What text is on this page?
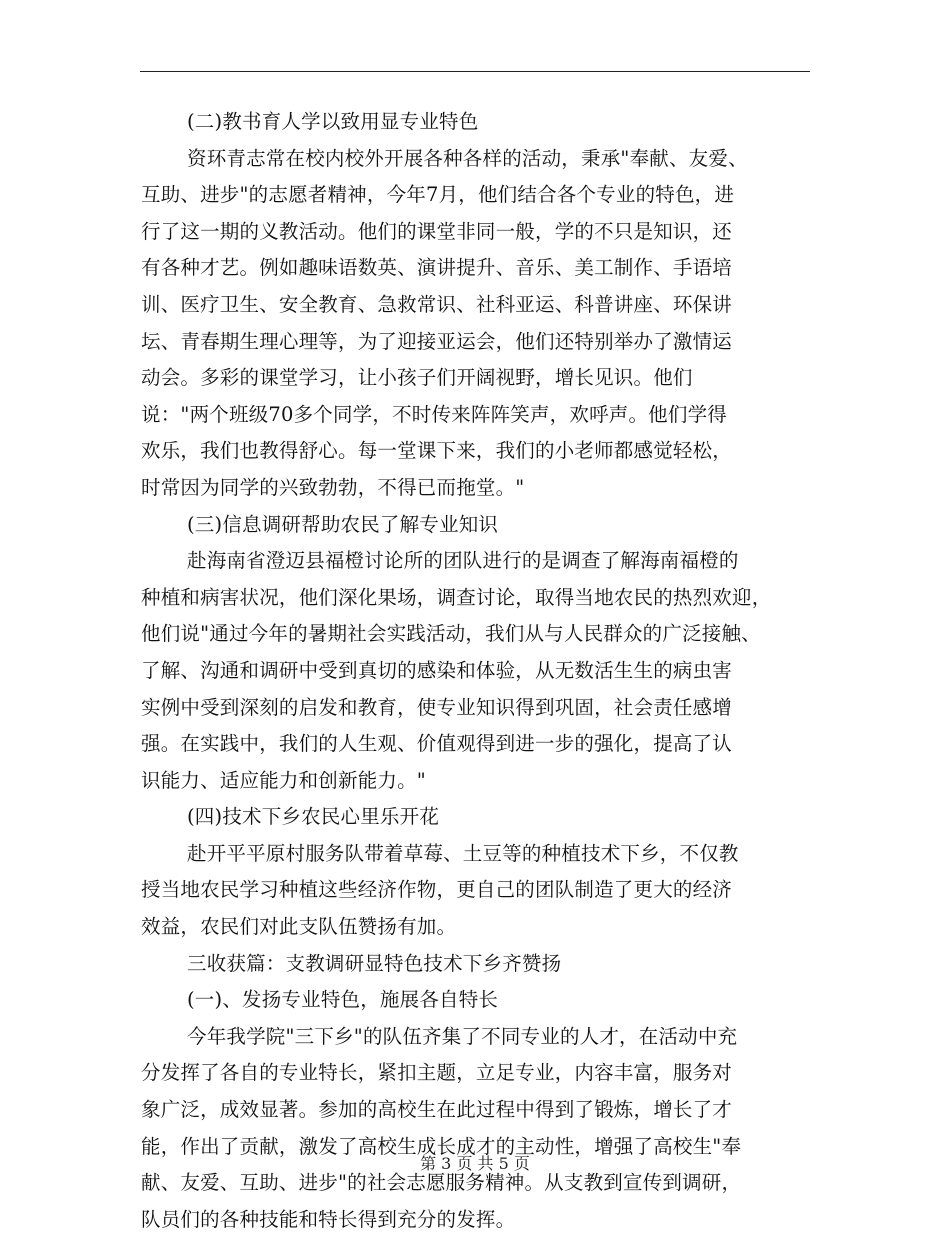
(二)教书育人学以致用显专业特色
资环青志常在校内校外开展各种各样的活动，秉承"奉献、友爱、
互助、进步"的志愿者精神，今年7月，他们结合各个专业的特色，进
行了这一期的义教活动。他们的课堂非同一般，学的不只是知识，还
有各种才艺。例如趣味语数英、演讲提升、音乐、美工制作、手语培
训、医疗卫生、安全教育、急救常识、社科亚运、科普讲座、环保讲
坛、青春期生理心理等，为了迎接亚运会，他们还特别举办了激情运
动会。多彩的课堂学习，让小孩子们开阔视野，增长见识。他们
说："两个班级70多个同学，不时传来阵阵笑声，欢呼声。他们学得
欢乐，我们也教得舒心。每一堂课下来，我们的小老师都感觉轻松，
时常因为同学的兴致勃勃，不得已而拖堂。"
(三)信息调研帮助农民了解专业知识
赴海南省澄迈县福橙讨论所的团队进行的是调查了解海南福橙的
种植和病害状况，他们深化果场，调查讨论，取得当地农民的热烈欢迎，
他们说"通过今年的暑期社会实践活动，我们从与人民群众的广泛接触、
了解、沟通和调研中受到真切的感染和体验，从无数活生生的病虫害
实例中受到深刻的启发和教育，使专业知识得到巩固，社会责任感增
强。在实践中，我们的人生观、价值观得到进一步的强化，提高了认
识能力、适应能力和创新能力。"
(四)技术下乡农民心里乐开花
赴开平平原村服务队带着草莓、土豆等的种植技术下乡，不仅教
授当地农民学习种植这些经济作物，更自己的团队制造了更大的经济
效益，农民们对此支队伍赞扬有加。
三收获篇：支教调研显特色技术下乡齐赞扬
(一)、发扬专业特色，施展各自特长
今年我学院"三下乡"的队伍齐集了不同专业的人才，在活动中充
分发挥了各自的专业特长，紧扣主题，立足专业，内容丰富，服务对
象广泛，成效显著。参加的高校生在此过程中得到了锻炼，增长了才
能，作出了贡献，激发了高校生成长成才的主动性，增强了高校生"奉
献、友爱、互助、进步"的社会志愿服务精神。从支教到宣传到调研，
队员们的各种技能和特长得到充分的发挥。
第 3 页 共 5 页
